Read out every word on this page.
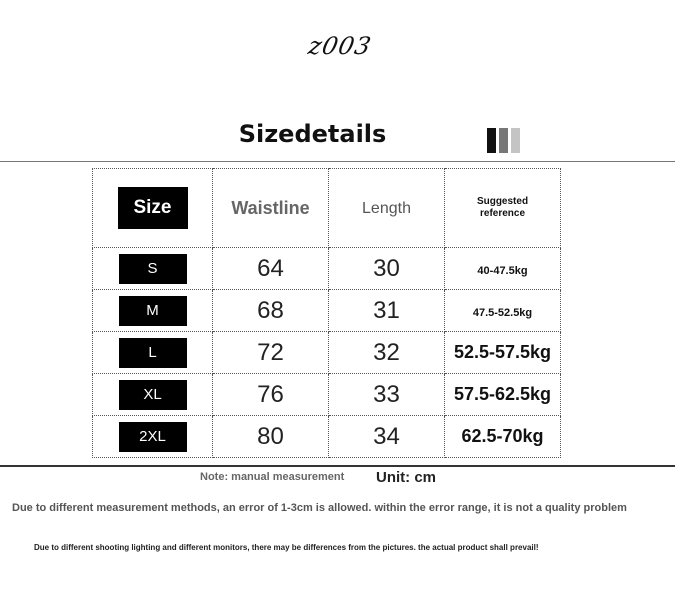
z003
Sizedetails
Size	Waistline	Length	Suggested reference
S	64	30	40-47.5kg
M	68	31	47.5-52.5kg
L	72	32	52.5-57.5kg
XL	76	33	57.5-62.5kg
2XL	80	34	62.5-70kg
Note: manual measurement Unit: cm
Due to different measurement methods, an error of 1-3cm is allowed. within the error range, it is not a quality problem
Due to different shooting lighting and different monitors, there may be differences from the pictures. the actual product shall prevail!
